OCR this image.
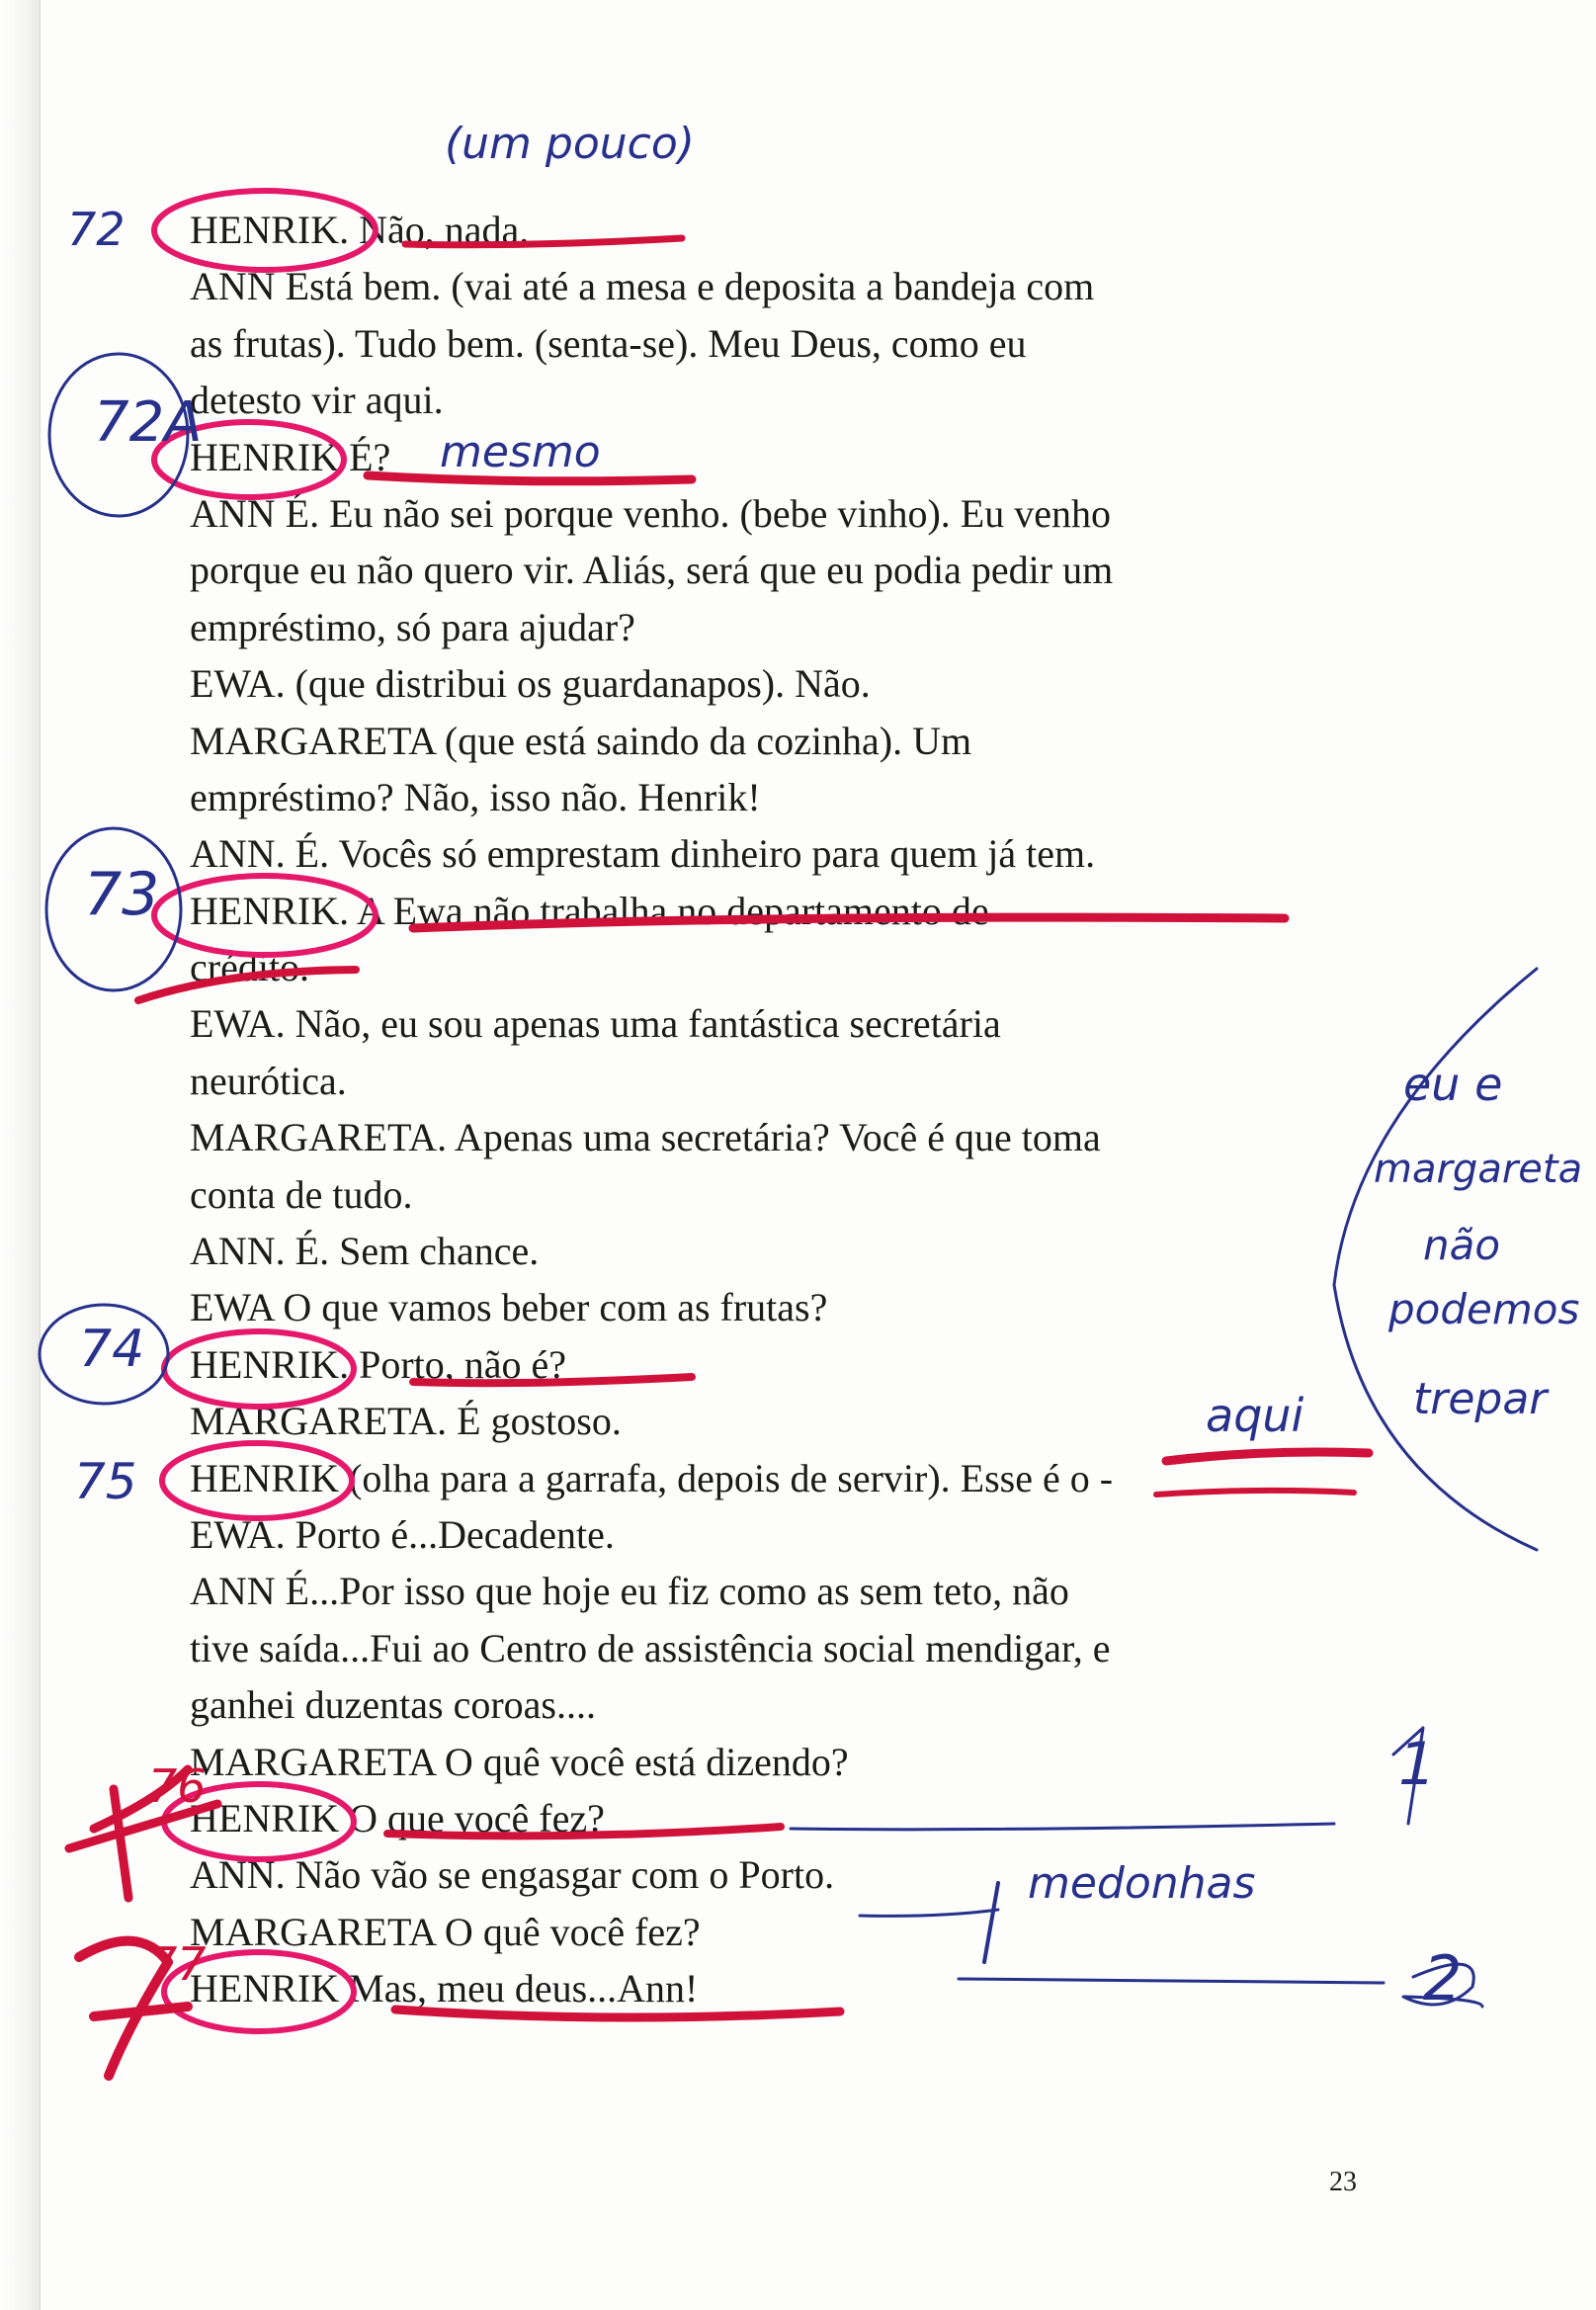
HENRIK. Não, nada.
ANN Está bem. (vai até a mesa e deposita a bandeja com
as frutas). Tudo bem. (senta-se). Meu Deus, como eu
detesto vir aqui.
HENRIK É?
ANN É. Eu não sei porque venho. (bebe vinho). Eu venho
porque eu não quero vir. Aliás, será que eu podia pedir um
empréstimo, só para ajudar?
EWA. (que distribui os guardanapos). Não.
MARGARETA (que está saindo da cozinha). Um
empréstimo? Não, isso não. Henrik!
ANN. É. Vocês só emprestam dinheiro para quem já tem.
HENRIK. A Ewa não trabalha no departamento de
crédito.
EWA. Não, eu sou apenas uma fantástica secretária
neurótica.
MARGARETA. Apenas uma secretária? Você é que toma
conta de tudo.
ANN. É. Sem chance.
EWA O que vamos beber com as frutas?
HENRIK. Porto, não é?
MARGARETA. É gostoso.
HENRIK (olha para a garrafa, depois de servir). Esse é o -
EWA. Porto é...Decadente.
ANN É...Por isso que hoje eu fiz como as sem teto, não
tive saída...Fui ao Centro de assistência social mendigar, e
ganhei duzentas coroas....
MARGARETA O quê você está dizendo?
HENRIK O que você fez?
ANN. Não vão se engasgar com o Porto.
MARGARETA O quê você fez?
HENRIK Mas, meu deus...Ann!
23
(um pouco)
72
72A
73
74
75
76
77
mesmo
aqui
eu e
margareta
não
podemos
trepar
1
2
medonhas
